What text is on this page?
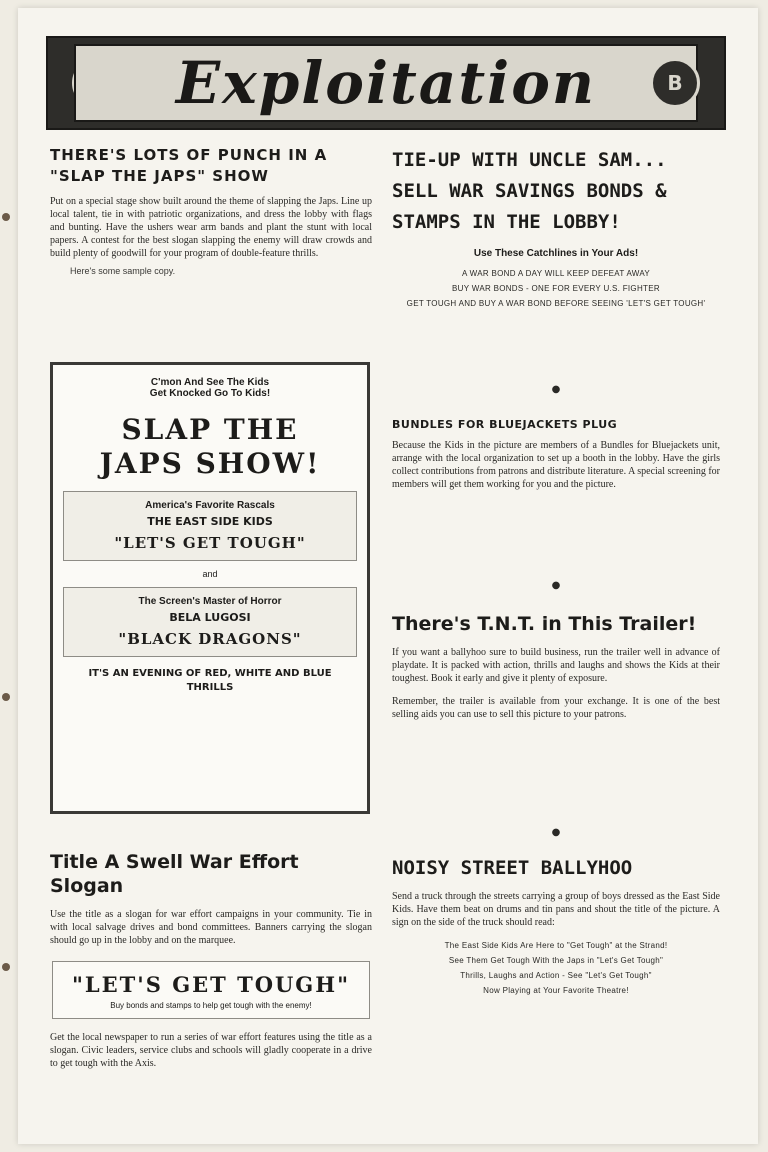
Exploitation	B
THERE'S LOTS OF PUNCH IN A "SLAP THE JAPS" SHOW

Put on a special stage show built around the theme of slapping the Japs. Line up local talent, tie in with patriotic organizations, and dress the lobby with flags and bunting. Have the ushers wear arm bands and plant the stunt with local papers. A contest for the best slogan slapping the enemy will draw crowds and build plenty of goodwill for your program of double-feature thrills.

Here's some sample copy.

C'mon And See The Kids

Get Knocked Go To Kids!

SLAP THE
JAPS SHOW!

America's Favorite Rascals

THE EAST SIDE KIDS

"LET'S GET TOUGH"

and

The Screen's Master of Horror

BELA LUGOSI

"BLACK DRAGONS"

IT'S AN EVENING OF RED, WHITE AND BLUE THRILLS

Title A Swell War Effort Slogan

Use the title as a slogan for war effort campaigns in your community. Tie in with local salvage drives and bond committees. Banners carrying the slogan should go up in the lobby and on the marquee.

"LET'S GET TOUGH"
Buy bonds and stamps to help get tough with the enemy!

Get the local newspaper to run a series of war effort features using the title as a slogan. Civic leaders, service clubs and schools will gladly cooperate in a drive to get tough with the Axis.

TIE-UP WITH UNCLE SAM... SELL WAR SAVINGS BONDS & STAMPS IN THE LOBBY!

Use These Catchlines in Your Ads!

A WAR BOND A DAY WILL KEEP DEFEAT AWAY

BUY WAR BONDS - ONE FOR EVERY U.S. FIGHTER

GET TOUGH AND BUY A WAR BOND BEFORE SEEING 'LET'S GET TOUGH'

●
BUNDLES FOR BLUEJACKETS PLUG

Because the Kids in the picture are members of a Bundles for Bluejackets unit, arrange with the local organization to set up a booth in the lobby. Have the girls collect contributions from patrons and distribute literature. A special screening for members will get them working for you and the picture.

●
There's T.N.T. in This Trailer!

If you want a ballyhoo sure to build business, run the trailer well in advance of playdate. It is packed with action, thrills and laughs and shows the Kids at their toughest. Book it early and give it plenty of exposure.

Remember, the trailer is available from your exchange. It is one of the best selling aids you can use to sell this picture to your patrons.

●
NOISY STREET BALLYHOO

Send a truck through the streets carrying a group of boys dressed as the East Side Kids. Have them beat on drums and tin pans and shout the title of the picture. A sign on the side of the truck should read:

The East Side Kids Are Here to "Get Tough" at the Strand!

See Them Get Tough With the Japs in "Let's Get Tough"

Thrills, Laughs and Action - See "Let's Get Tough"

Now Playing at Your Favorite Theatre!
